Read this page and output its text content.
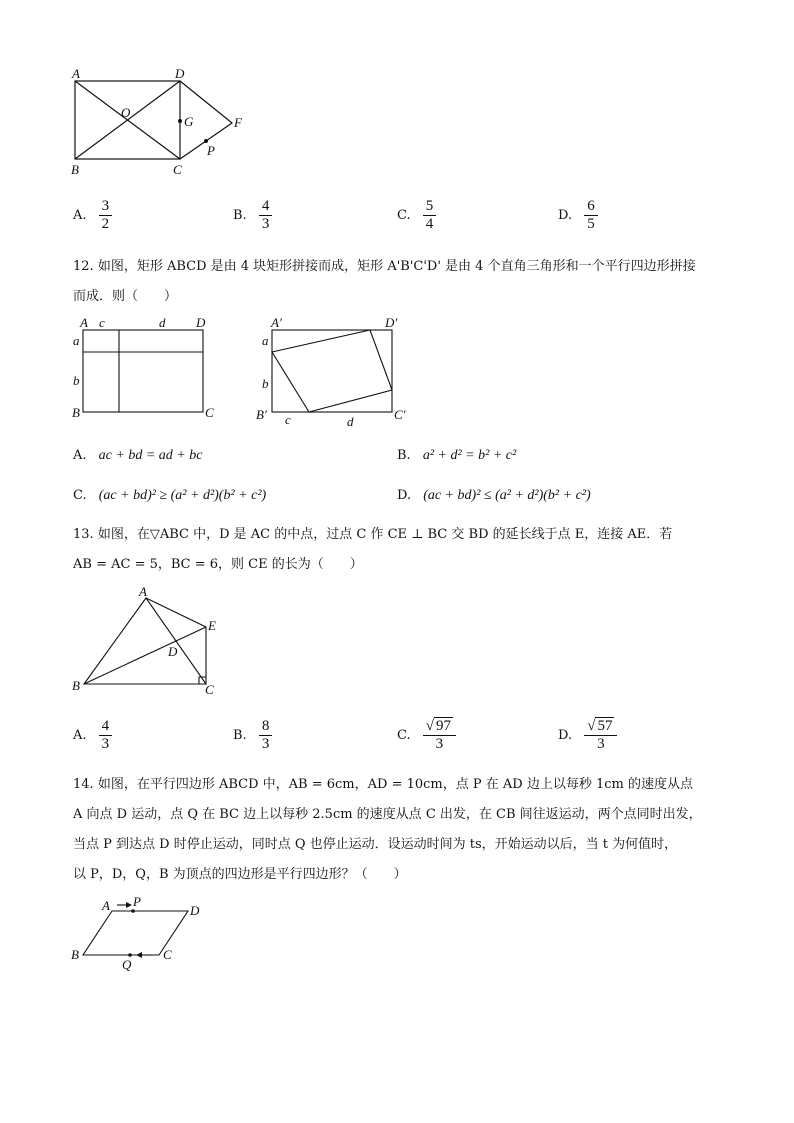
A	D
O
G	F
P
B	C
A. $\frac{3}{2}$	B. $\frac{4}{3}$	C. $\frac{5}{4}$	D. $\frac{6}{5}$
12. 如图，矩形 ABCD 是由 4 块矩形拼接而成，矩形 A'B'C'D' 是由 4 个直角三角形和一个平行四边形拼接
而成．则（　　）
A c	d D
a
b
B	C
A′	D′
a
b
B′ c	d	C′
A. ac + bd = ad + bc	B. a² + d² = b² + c²
C. (ac + bd)² ≥ (a² + d²)(b² + c²)	D. (ac + bd)² ≤ (a² + d²)(b² + c²)
13. 如图，在▽ABC 中，D 是 AC 的中点，过点 C 作 CE ⊥ BC 交 BD 的延长线于点 E，连接 AE．若
AB = AC = 5，BC = 6，则 CE 的长为（　　）
A
E
D
B	C
A. $\frac{4}{3}$	B. $\frac{8}{3}$	C. $\frac{√ 97}{3}$	D. $\frac{√ 57}{3}$
14. 如图，在平行四边形 ABCD 中，AB = 6cm，AD = 10cm，点 P 在 AD 边上以每秒 1cm 的速度从点
A 向点 D 运动，点 Q 在 BC 边上以每秒 2.5cm 的速度从点 C 出发，在 CB 间往返运动，两个点同时出发，
当点 P 到达点 D 时停止运动，同时点 Q 也停止运动．设运动时间为 ts，开始运动以后，当 t 为何值时，
以 P，D，Q，B 为顶点的四边形是平行四边形？（　　）
A P
D
B
Q
C
